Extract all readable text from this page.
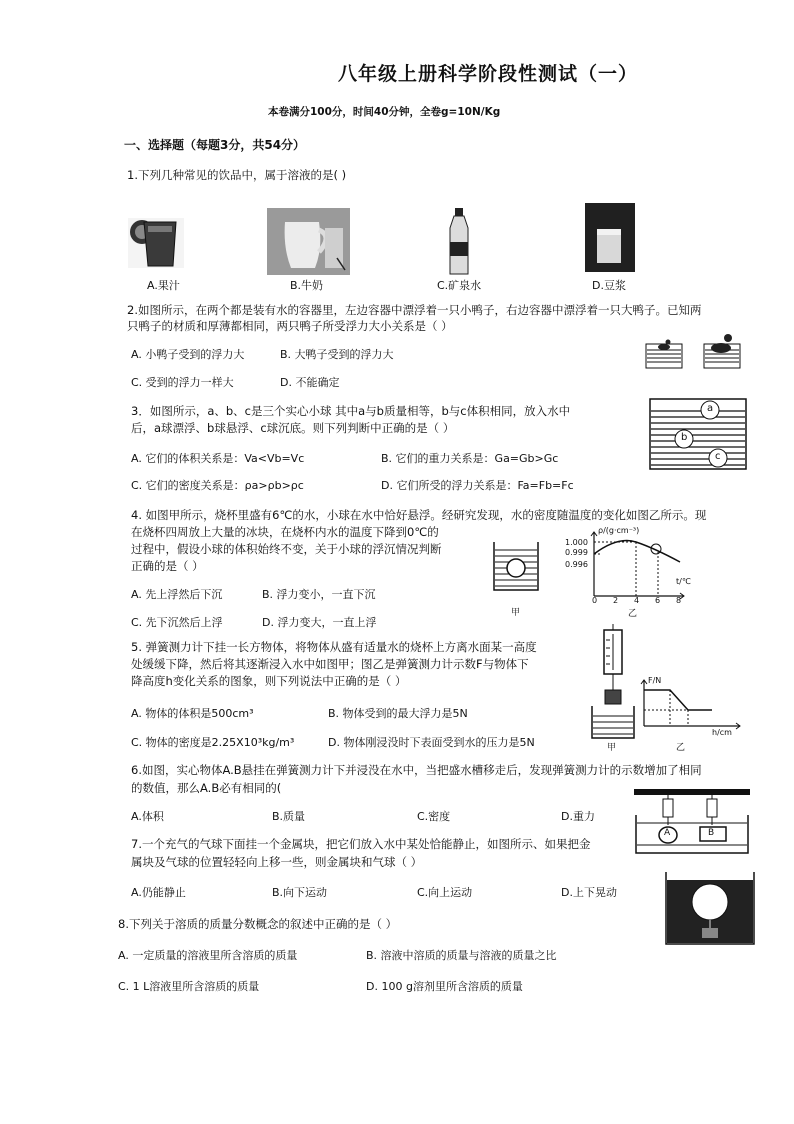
八年级上册科学阶段性测试（一）
本卷满分100分，时间40分钟，全卷g=10N/Kg
一、选择题（每题3分，共54分）
1.下列几种常见的饮品中，属于溶液的是( )
A.果汁	B.牛奶	C.矿泉水	D.豆浆
2.如图所示，在两个都是装有水的容器里，左边容器中漂浮着一只小鸭子，右边容器中漂浮着一只大鸭子。已知两
只鸭子的材质和厚薄都相同，两只鸭子所受浮力大小关系是（ ）
A. 小鸭子受到的浮力大	B. 大鸭子受到的浮力大
C. 受到的浮力一样大	D. 不能确定
3．如图所示，a、b、c是三个实心小球 其中a与b质量相等，b与c体积相同，放入水中
后，a球漂浮、b球悬浮、c球沉底。则下列判断中正确的是（ ）
A. 它们的体积关系是：Va<Vb=Vc	B. 它们的重力关系是：Ga=Gb>Gc
C. 它们的密度关系是：ρa>ρb>ρc	D. 它们所受的浮力关系是：Fa=Fb=Fc
a
b
c
4. 如图甲所示，烧杯里盛有6℃的水，小球在水中恰好悬浮。经研究发现，水的密度随温度的变化如图乙所示。现
在烧杯四周放上大量的冰块，在烧杯内水的温度下降到0℃的
过程中，假设小球的体积始终不变，关于小球的浮沉情况判断
正确的是（ ）
A. 先上浮然后下沉	B. 浮力变小，一直下沉
C. 先下沉然后上浮	D. 浮力变大，一直上浮
甲
ρ/(g·cm⁻³)
1.000
0.999
0.996
0 2 4 6 8
t/℃
乙
5. 弹簧测力计下挂一长方物体，将物体从盛有适量水的烧杯上方离水面某一高度
处缓缓下降，然后将其逐渐浸入水中如图甲；图乙是弹簧测力计示数F与物体下
降高度h变化关系的图象，则下列说法中正确的是（ ）
A. 物体的体积是500cm³	B. 物体受到的最大浮力是5N
C. 物体的密度是2.25X10³kg/m³	D. 物体刚浸没时下表面受到水的压力是5N	甲
F/N
h/cm
乙
6.如图，实心物体A.B悬挂在弹簧测力计下并浸没在水中，当把盛水槽移走后，发现弹簧测力计的示数增加了相同
的数值，那么A.B必有相同的(
A.体积	B.质量	C.密度	D.重力
A	B
7.一个充气的气球下面挂一个金属块，把它们放入水中某处恰能静止，如图所示、如果把金
属块及气球的位置轻轻向上移一些，则金属块和气球（ ）
A.仍能静止	B.向下运动	C.向上运动	D.上下晃动
8.下列关于溶质的质量分数概念的叙述中正确的是（ ）
A. 一定质量的溶液里所含溶质的质量	B. 溶液中溶质的质量与溶液的质量之比
C. 1 L溶液里所含溶质的质量	D. 100 g溶剂里所含溶质的质量
